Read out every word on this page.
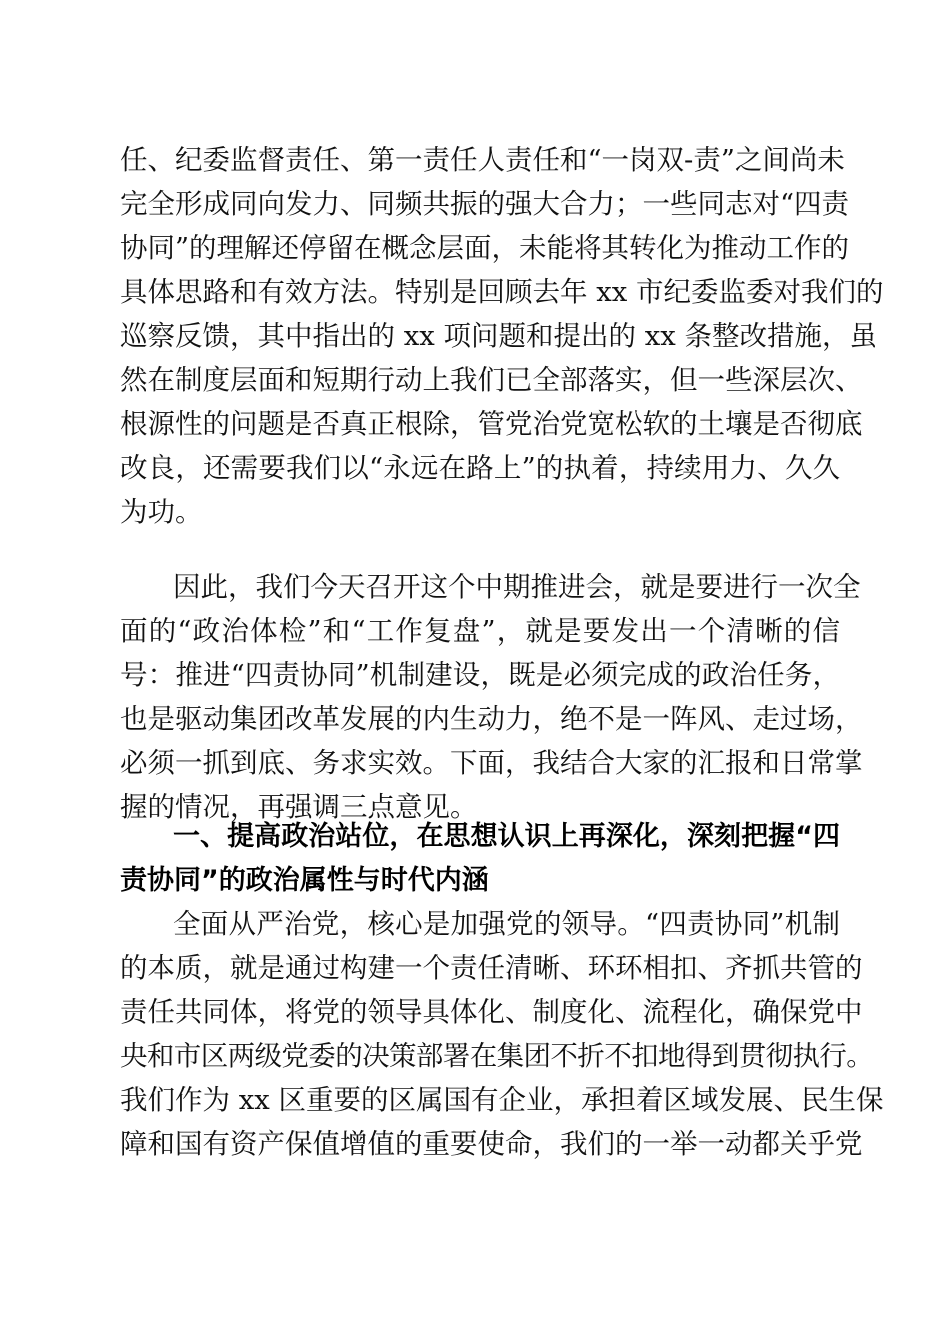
任、纪委监督责任、第一责任人责任和“一岗双-责”之间尚未
完全形成同向发力、同频共振的强大合力；一些同志对“四责
协同”的理解还停留在概念层面，未能将其转化为推动工作的
具体思路和有效方法。特别是回顾去年 xx 市纪委监委对我们的
巡察反馈，其中指出的 xx 项问题和提出的 xx 条整改措施，虽
然在制度层面和短期行动上我们已全部落实，但一些深层次、
根源性的问题是否真正根除，管党治党宽松软的土壤是否彻底
改良，还需要我们以“永远在路上”的执着，持续用力、久久
为功。
因此，我们今天召开这个中期推进会，就是要进行一次全
面的“政治体检”和“工作复盘”，就是要发出一个清晰的信
号：推进“四责协同”机制建设，既是必须完成的政治任务，
也是驱动集团改革发展的内生动力，绝不是一阵风、走过场，
必须一抓到底、务求实效。下面，我结合大家的汇报和日常掌
握的情况，再强调三点意见。
一、提高政治站位，在思想认识上再深化，深刻把握“四
责协同”的政治属性与时代内涵
全面从严治党，核心是加强党的领导。“四责协同”机制
的本质，就是通过构建一个责任清晰、环环相扣、齐抓共管的
责任共同体，将党的领导具体化、制度化、流程化，确保党中
央和市区两级党委的决策部署在集团不折不扣地得到贯彻执行。
我们作为 xx 区重要的区属国有企业，承担着区域发展、民生保
障和国有资产保值增值的重要使命，我们的一举一动都关乎党
